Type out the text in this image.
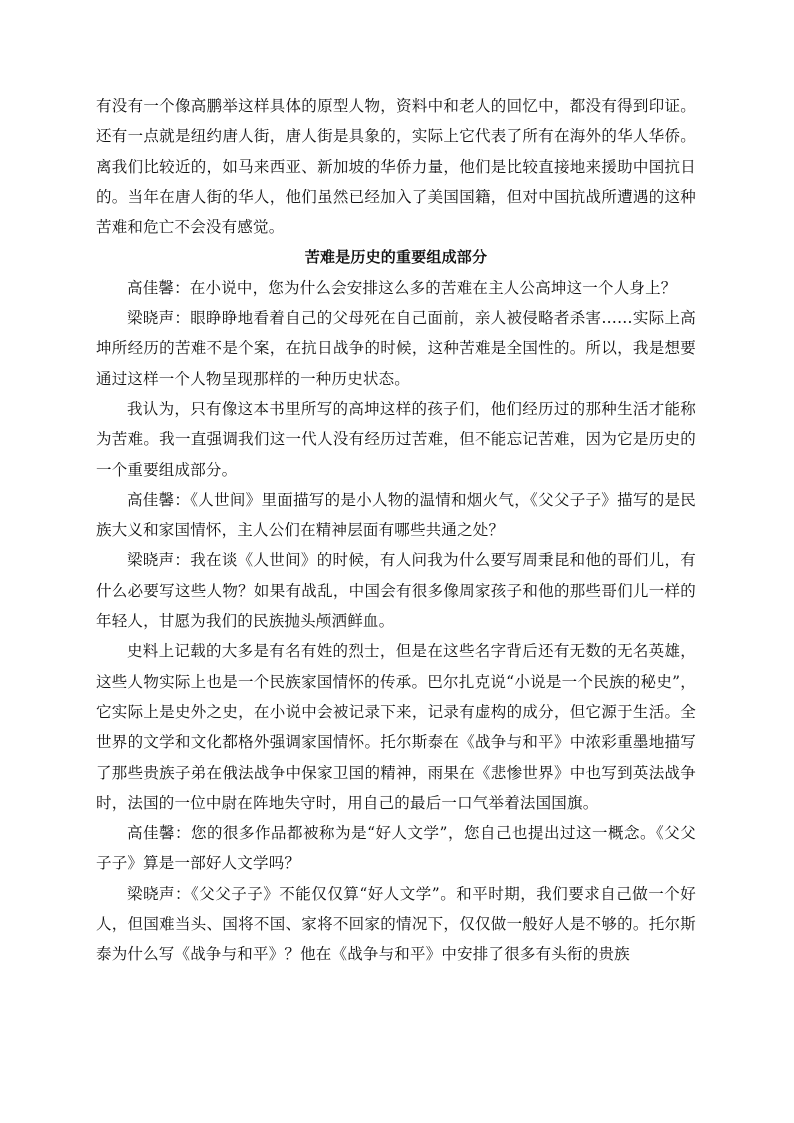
有没有一个像高鹏举这样具体的原型人物，资料中和老人的回忆中，都没有得到印证。还有一点就是纽约唐人街，唐人街是具象的，实际上它代表了所有在海外的华人华侨。离我们比较近的，如马来西亚、新加坡的华侨力量，他们是比较直接地来援助中国抗日的。当年在唐人街的华人，他们虽然已经加入了美国国籍，但对中国抗战所遭遇的这种苦难和危亡不会没有感觉。

苦难是历史的重要组成部分

高佳馨：在小说中，您为什么会安排这么多的苦难在主人公高坤这一个人身上？

梁晓声：眼睁睁地看着自己的父母死在自己面前，亲人被侵略者杀害……实际上高坤所经历的苦难不是个案，在抗日战争的时候，这种苦难是全国性的。所以，我是想要通过这样一个人物呈现那样的一种历史状态。

我认为，只有像这本书里所写的高坤这样的孩子们，他们经历过的那种生活才能称为苦难。我一直强调我们这一代人没有经历过苦难，但不能忘记苦难，因为它是历史的一个重要组成部分。

高佳馨：《人世间》里面描写的是小人物的温情和烟火气，《父父子子》描写的是民族大义和家国情怀，主人公们在精神层面有哪些共通之处？

梁晓声：我在谈《人世间》的时候，有人问我为什么要写周秉昆和他的哥们儿，有什么必要写这些人物？如果有战乱，中国会有很多像周家孩子和他的那些哥们儿一样的年轻人，甘愿为我们的民族抛头颅洒鲜血。

史料上记载的大多是有名有姓的烈士，但是在这些名字背后还有无数的无名英雄，这些人物实际上也是一个民族家国情怀的传承。巴尔扎克说“小说是一个民族的秘史”，它实际上是史外之史，在小说中会被记录下来，记录有虚构的成分，但它源于生活。全世界的文学和文化都格外强调家国情怀。托尔斯泰在《战争与和平》中浓彩重墨地描写了那些贵族子弟在俄法战争中保家卫国的精神，雨果在《悲惨世界》中也写到英法战争时，法国的一位中尉在阵地失守时，用自己的最后一口气举着法国国旗。

高佳馨：您的很多作品都被称为是“好人文学”，您自己也提出过这一概念。《父父子子》算是一部好人文学吗？

梁晓声：《父父子子》不能仅仅算“好人文学”。和平时期，我们要求自己做一个好人，但国难当头、国将不国、家将不回家的情况下，仅仅做一般好人是不够的。托尔斯泰为什么写《战争与和平》？他在《战争与和平》中安排了很多有头衔的贵族
